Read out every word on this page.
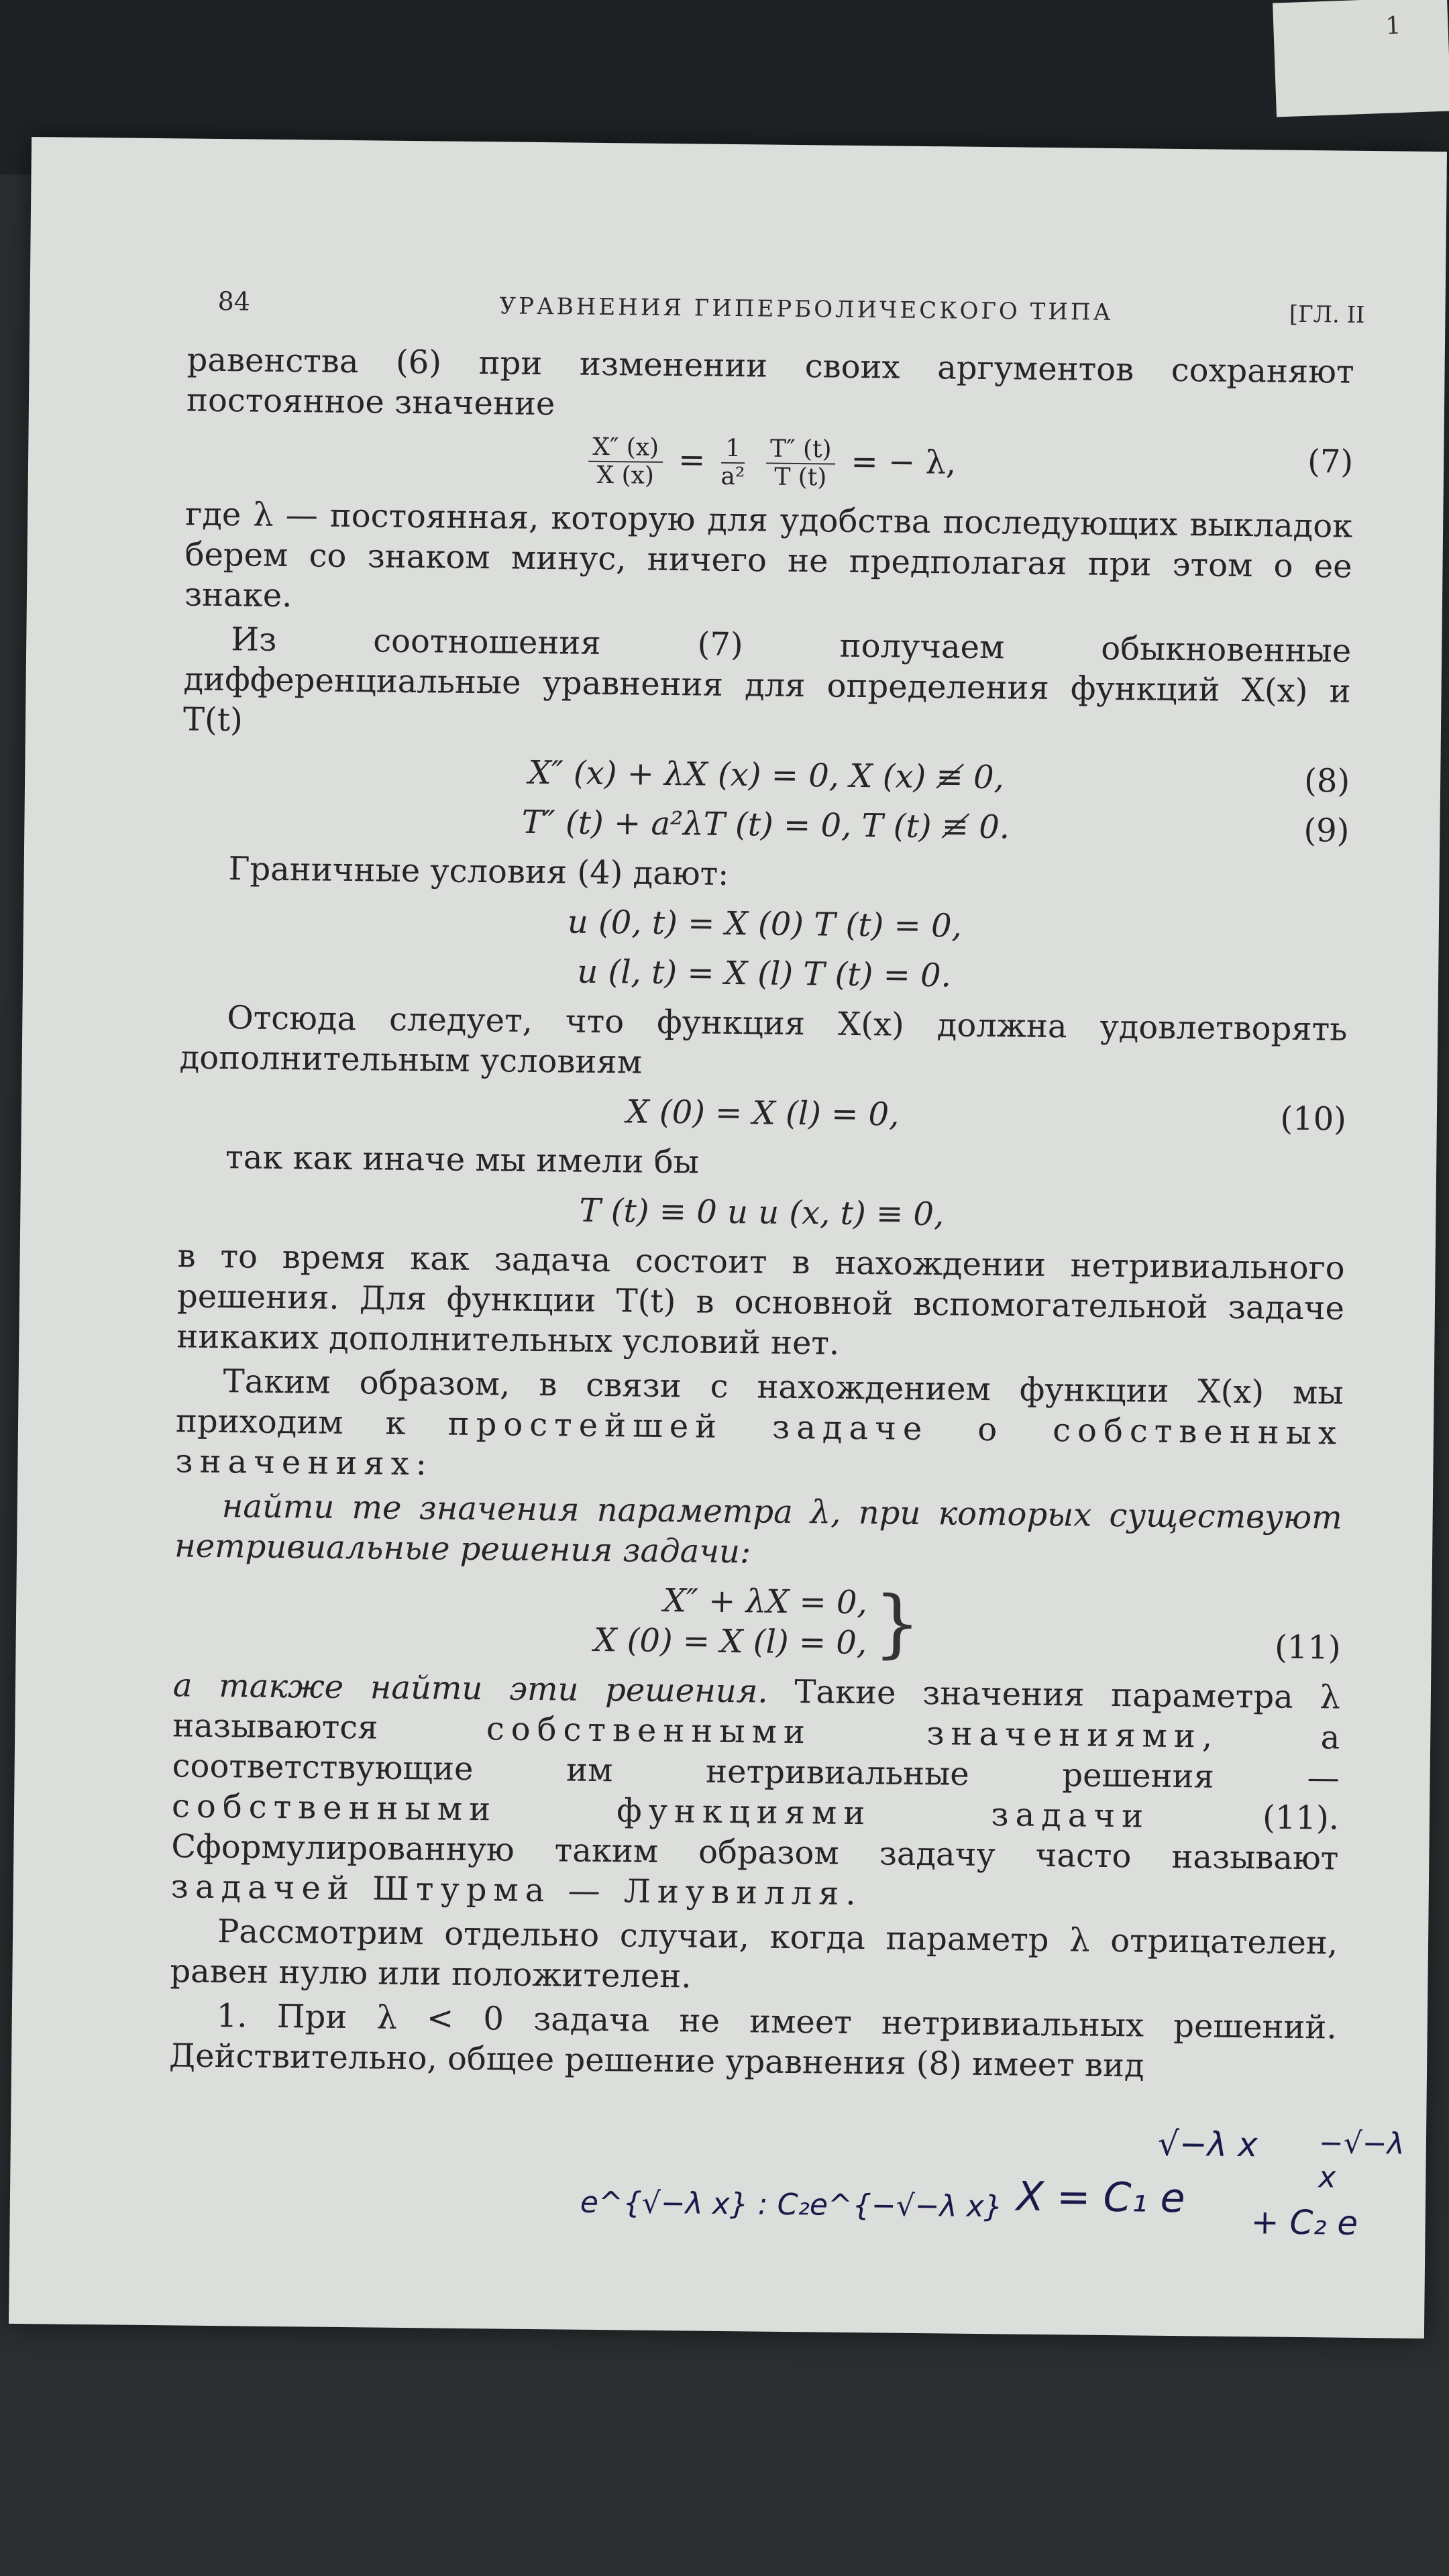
1
84	УРАВНЕНИЯ ГИПЕРБОЛИЧЕСКОГО ТИПА	[ГЛ. II

равенства (6) при изменении своих аргументов сохраняют постоянное значение

$\frac{X'' (x)}{X (x)} = \frac{1}{\text{a²}}$
$\frac{T'' (t)}{T (t)}$ = − λ,	(7)

где λ — постоянная, которую для удобства последующих выкладок берем со знаком минус, ничего не предполагая при этом о ее знаке.

Из соотношения (7) получаем обыкновенные дифференциальные уравнения для определения функций X(x) и T(t)

X″ (x) + λX (x) = 0, X (x) ≢ 0,	(8)
T″ (t) + a²λT (t) = 0, T (t) ≢ 0.	(9)

Граничные условия (4) дают:

u (0, t) = X (0) T (t) = 0,
u (l, t) = X (l) T (t) = 0.

Отсюда следует, что функция X(x) должна удовлетворять дополнительным условиям

X (0) = X (l) = 0,	(10)

так как иначе мы имели бы

T (t) ≡ 0 и u (x, t) ≡ 0,

в то время как задача состоит в нахождении нетривиального решения. Для функции T(t) в основной вспомогательной задаче никаких дополнительных условий нет.

Таким образом, в связи с нахождением функции X(x) мы приходим к простейшей задаче о собственных значениях:

найти те значения параметра λ, при которых существуют нетривиальные решения задачи:

X″ + λX = 0,
X (0) = X (l) = 0, }	(11)

а также найти эти решения. Такие значения параметра λ называются собственными значениями, а соответствующие им нетривиальные решения — собственными функциями задачи (11). Сформулированную таким образом задачу часто называют задачей Штурма — Лиувилля.

Рассмотрим отдельно случаи, когда параметр λ отрицателен, равен нулю или положителен.

1. При λ < 0 задача не имеет нетривиальных решений. Действительно, общее решение уравнения (8) имеет вид

√−λ x −√−λ x
e^{√−λ x} : C₂e^{−√−λ x} X = C₁ e
+ C₂ e
